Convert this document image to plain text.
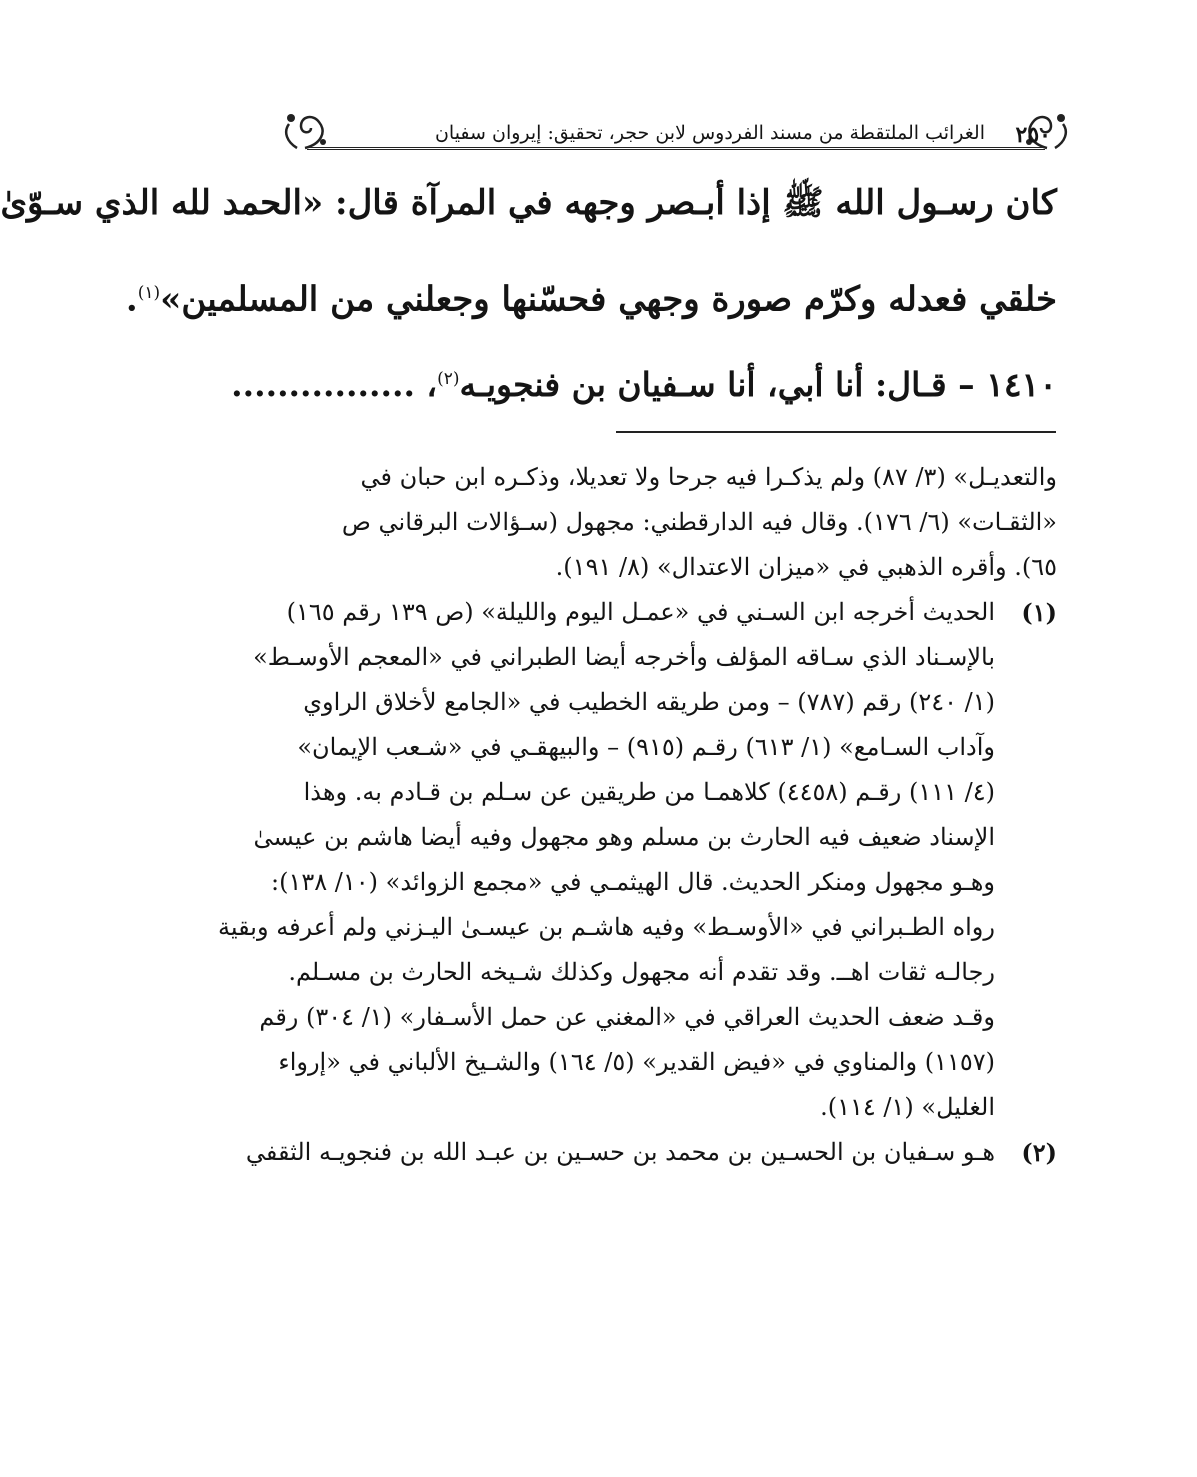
٢٥٠
الغرائب الملتقطة من مسند الفردوس لابن حجر، تحقيق: إيروان سفيان
كان رسـول الله ﷺ إذا أبـصر وجهه في المرآة قال: «الحمد لله الذي سـوّىٰ
خلقي فعدله وكرّم صورة وجهي فحسّنها وجعلني من المسلمين»$^{(١)}$.
١٤١٠ – قـال: أنا أبي، أنا سـفيان بن فنجويـه$^{(٢)}$، ................
والتعديـل» (٣/ ٨٧) ولم يذكـرا فيه جرحا ولا تعديلا، وذكـره ابن حبان في
«الثقـات» (٦/ ١٧٦). وقال فيه الدارقطني: مجهول (سـؤالات البرقاني ص
٦٥). وأقره الذهبي في «ميزان الاعتدال» (٨/ ١٩١).
(١)
الحديث أخرجه ابن السـني في «عمـل اليوم والليلة» (ص ١٣٩ رقم ١٦٥)
بالإسـناد الذي سـاقه المؤلف وأخرجه أيضا الطبراني في «المعجم الأوسـط»
(١/ ٢٤٠) رقم (٧٨٧) – ومن طريقه الخطيب في «الجامع لأخلاق الراوي
وآداب السـامع» (١/ ٦١٣) رقـم (٩١٥) – والبيهقـي في «شـعب الإيمان»
(٤/ ١١١) رقـم (٤٤٥٨) كلاهمـا من طريقين عن سـلم بن قـادم به. وهذا
الإسناد ضعيف فيه الحارث بن مسلم وهو مجهول وفيه أيضا هاشم بن عيسىٰ
وهـو مجهول ومنكر الحديث. قال الهيثمـي في «مجمع الزوائد» (١٠/ ١٣٨):
رواه الطـبراني في «الأوسـط» وفيه هاشـم بن عيسـىٰ اليـزني ولم أعرفه وبقية
رجالـه ثقات اهــ. وقد تقدم أنه مجهول وكذلك شـيخه الحارث بن مسـلم.
وقـد ضعف الحديث العراقي في «المغني عن حمل الأسـفار» (١/ ٣٠٤) رقم
(١١٥٧) والمناوي في «فيض القدير» (٥/ ١٦٤) والشـيخ الألباني في «إرواء
الغليل» (١/ ١١٤).
(٢)
هـو سـفيان بن الحسـين بن محمد بن حسـين بن عبـد الله بن فنجويـه الثقفي
